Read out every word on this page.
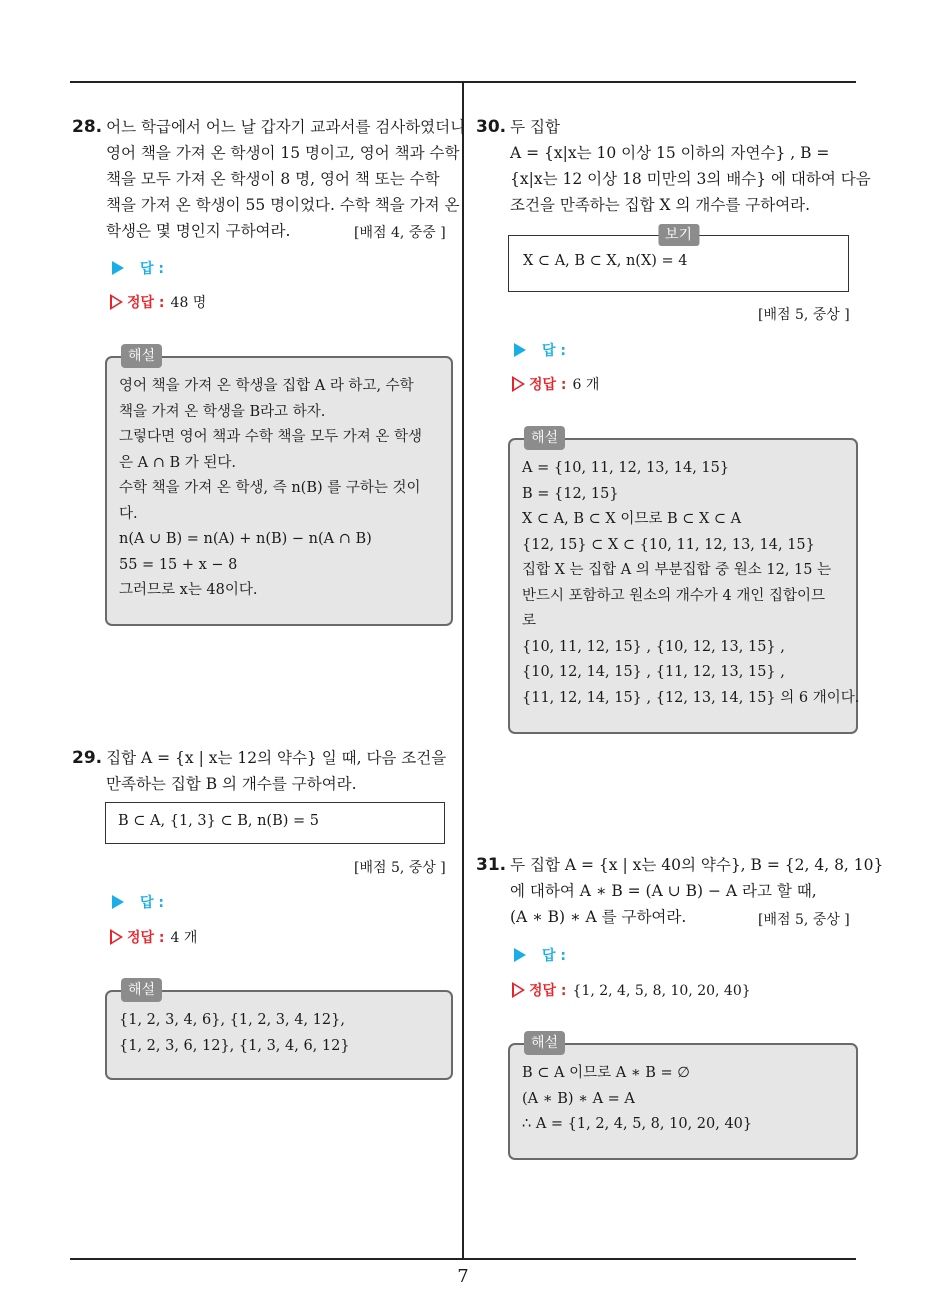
28. 어느 학급에서 어느 날 갑자기 교과서를 검사하였더니
영어 책을 가져 온 학생이 15 명이고, 영어 책과 수학
책을 모두 가져 온 학생이 8 명, 영어 책 또는 수학
책을 가져 온 학생이 55 명이었다. 수학 책을 가져 온
학생은 몇 명인지 구하여라.	[배점 4, 중중 ]
답 :
정답 : 48 명
해설
영어 책을 가져 온 학생을 집합 A 라 하고, 수학
책을 가져 온 학생을 B라고 하자.
그렇다면 영어 책과 수학 책을 모두 가져 온 학생
은 A ∩ B 가 된다.
수학 책을 가져 온 학생, 즉 n(B) 를 구하는 것이
다.
n(A ∪ B) = n(A) + n(B) − n(A ∩ B)
55 = 15 + x − 8
그러므로 x는 48이다.
29. 집합 A = {x | x는 12의 약수} 일 때, 다음 조건을
만족하는 집합 B 의 개수를 구하여라.
B ⊂ A, {1, 3} ⊂ B, n(B) = 5
[배점 5, 중상 ]
답 :
정답 : 4 개
해설
{1, 2, 3, 4, 6}, {1, 2, 3, 4, 12},
{1, 2, 3, 6, 12}, {1, 3, 4, 6, 12}
30. 두 집합
A = {x|x는 10 이상 15 이하의 자연수} , B =
{x|x는 12 이상 18 미만의 3의 배수} 에 대하여 다음
조건을 만족하는 집합 X 의 개수를 구하여라.
보기
X ⊂ A, B ⊂ X, n(X) = 4
[배점 5, 중상 ]
답 :
정답 : 6 개
해설
A = {10, 11, 12, 13, 14, 15}
B = {12, 15}
X ⊂ A, B ⊂ X 이므로 B ⊂ X ⊂ A
{12, 15} ⊂ X ⊂ {10, 11, 12, 13, 14, 15}
집합 X 는 집합 A 의 부분집합 중 원소 12, 15 는
반드시 포함하고 원소의 개수가 4 개인 집합이므
로
{10, 11, 12, 15} , {10, 12, 13, 15} ,
{10, 12, 14, 15} , {11, 12, 13, 15} ,
{11, 12, 14, 15} , {12, 13, 14, 15} 의 6 개이다.
31. 두 집합 A = {x | x는 40의 약수}, B = {2, 4, 8, 10}
에 대하여 A ∗ B = (A ∪ B) − A 라고 할 때,
(A ∗ B) ∗ A 를 구하여라.	[배점 5, 중상 ]
답 :
정답 : {1, 2, 4, 5, 8, 10, 20, 40}
해설
B ⊂ A 이므로 A ∗ B = ∅
(A ∗ B) ∗ A = A
∴ A = {1, 2, 4, 5, 8, 10, 20, 40}
7
